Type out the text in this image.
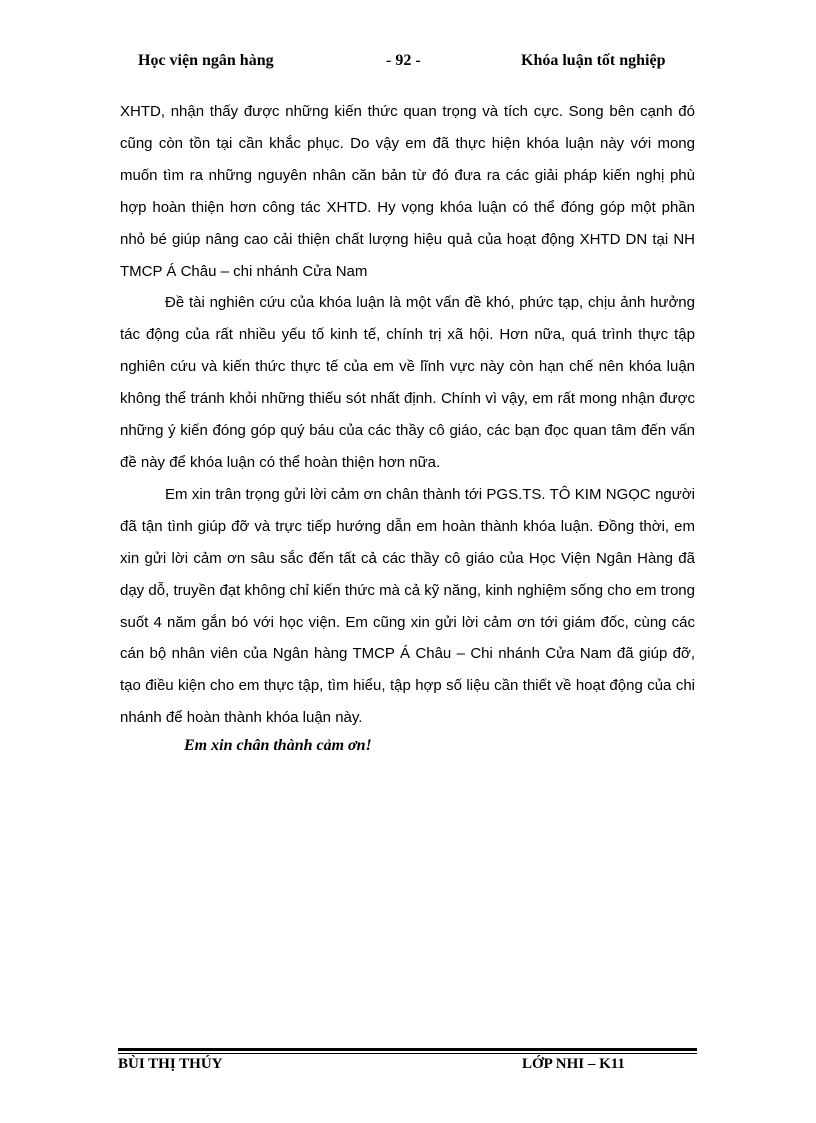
Học viện ngân hàng	- 92 -	Khóa luận tốt nghiệp

XHTD, nhận thấy được những kiến thức quan trọng và tích cực. Song bên cạnh đó cũng còn tồn tại cần khắc phục. Do vậy em đã thực hiện khóa luận này với mong muốn tìm ra những nguyên nhân căn bản từ đó đưa ra các giải pháp kiến nghị phù hợp hoàn thiện hơn công tác XHTD. Hy vọng khóa luận có thể đóng góp một phần nhỏ bé giúp nâng cao cải thiện chất lượng hiệu quả của hoạt động XHTD DN tại NH TMCP Á Châu – chi nhánh Cửa Nam

Đề tài nghiên cứu của khóa luận là một vấn đề khó, phức tạp, chịu ảnh hưởng tác động của rất nhiều yếu tố kinh tế, chính trị xã hội. Hơn nữa, quá trình thực tập nghiên cứu và kiến thức thực tế của em về lĩnh vực này còn hạn chế nên khóa luận không thể tránh khỏi những thiếu sót nhất định. Chính vì vậy, em rất mong nhận được những ý kiến đóng góp quý báu của các thầy cô giáo, các bạn đọc quan tâm đến vấn đề này để khóa luận có thể hoàn thiện hơn nữa.

Em xin trân trọng gửi lời cảm ơn chân thành tới PGS.TS. TÔ KIM NGỌC người đã tận tình giúp đỡ và trực tiếp hướng dẫn em hoàn thành khóa luận. Đồng thời, em xin gửi lời cảm ơn sâu sắc đến tất cả các thầy cô giáo của Học Viện Ngân Hàng đã dạy dỗ, truyền đạt không chỉ kiến thức mà cả kỹ năng, kinh nghiệm sống cho em trong suốt 4 năm gắn bó với học viện. Em cũng xin gửi lời cảm ơn tới giám đốc, cùng các cán bộ nhân viên của Ngân hàng TMCP Á Châu – Chi nhánh Cửa Nam đã giúp đỡ, tạo điều kiện cho em thực tập, tìm hiểu, tập hợp số liệu cần thiết về hoạt động của chi nhánh để hoàn thành khóa luận này.

Em xin chân thành cảm ơn!
BÙI THỊ THÚY	LỚP NHI – K11
